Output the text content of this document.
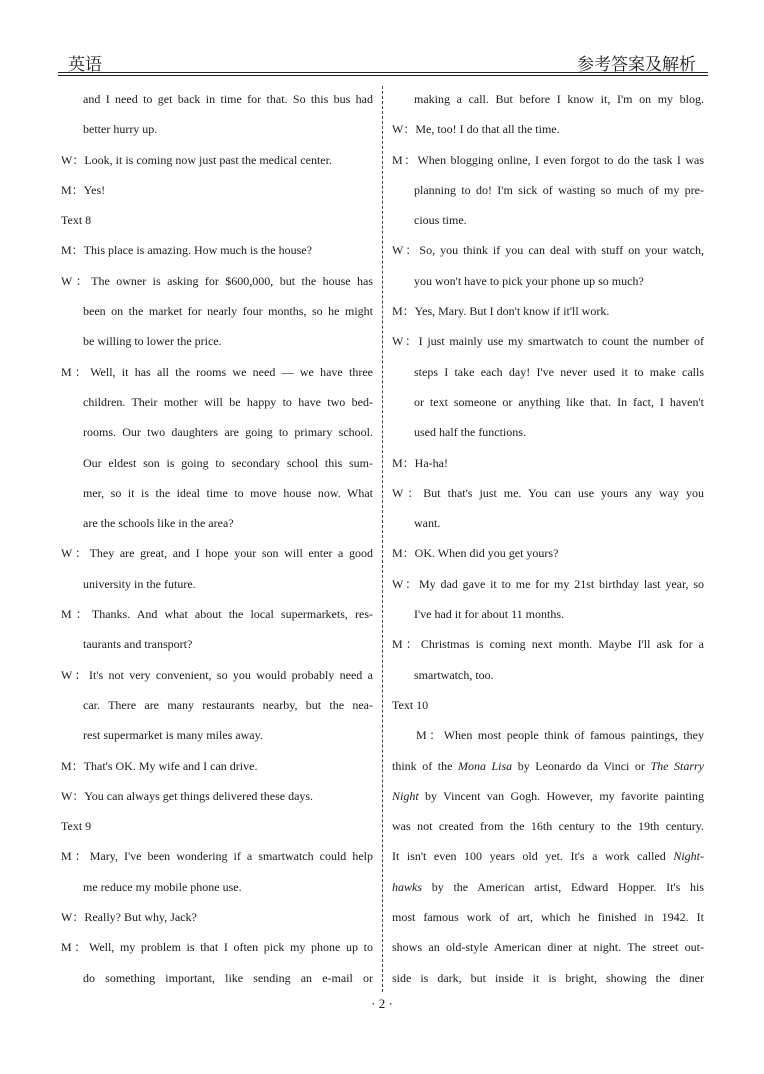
英语	参考答案及解析
and I need to get back in time for that. So this bus had
better hurry up.
W：Look, it is coming now just past the medical center.
M：Yes!
Text 8
M：This place is amazing. How much is the house?
W：The owner is asking for $600,000, but the house has
been on the market for nearly four months, so he might
be willing to lower the price.
M：Well, it has all the rooms we need — we have three
children. Their mother will be happy to have two bed-
rooms. Our two daughters are going to primary school.
Our eldest son is going to secondary school this sum-
mer, so it is the ideal time to move house now. What
are the schools like in the area?
W：They are great, and I hope your son will enter a good
university in the future.
M：Thanks. And what about the local supermarkets, res-
taurants and transport?
W：It's not very convenient, so you would probably need a
car. There are many restaurants nearby, but the nea-
rest supermarket is many miles away.
M：That's OK. My wife and I can drive.
W：You can always get things delivered these days.
Text 9
M：Mary, I've been wondering if a smartwatch could help
me reduce my mobile phone use.
W：Really? But why, Jack?
M：Well, my problem is that I often pick my phone up to
do something important, like sending an e-mail or
making a call. But before I know it, I'm on my blog.
W：Me, too! I do that all the time.
M：When blogging online, I even forgot to do the task I was
planning to do! I'm sick of wasting so much of my pre-
cious time.
W：So, you think if you can deal with stuff on your watch,
you won't have to pick your phone up so much?
M：Yes, Mary. But I don't know if it'll work.
W：I just mainly use my smartwatch to count the number of
steps I take each day! I've never used it to make calls
or text someone or anything like that. In fact, I haven't
used half the functions.
M：Ha-ha!
W：But that's just me. You can use yours any way you
want.
M：OK. When did you get yours?
W：My dad gave it to me for my 21st birthday last year, so
I've had it for about 11 months.
M：Christmas is coming next month. Maybe I'll ask for a
smartwatch, too.
Text 10
M：When most people think of famous paintings, they
think of the Mona Lisa by Leonardo da Vinci or The Starry
Night by Vincent van Gogh. However, my favorite painting
was not created from the 16th century to the 19th century.
It isn't even 100 years old yet. It's a work called Night-
hawks by the American artist, Edward Hopper. It's his
most famous work of art, which he finished in 1942. It
shows an old-style American diner at night. The street out-
side is dark, but inside it is bright, showing the diner
· 2 ·
